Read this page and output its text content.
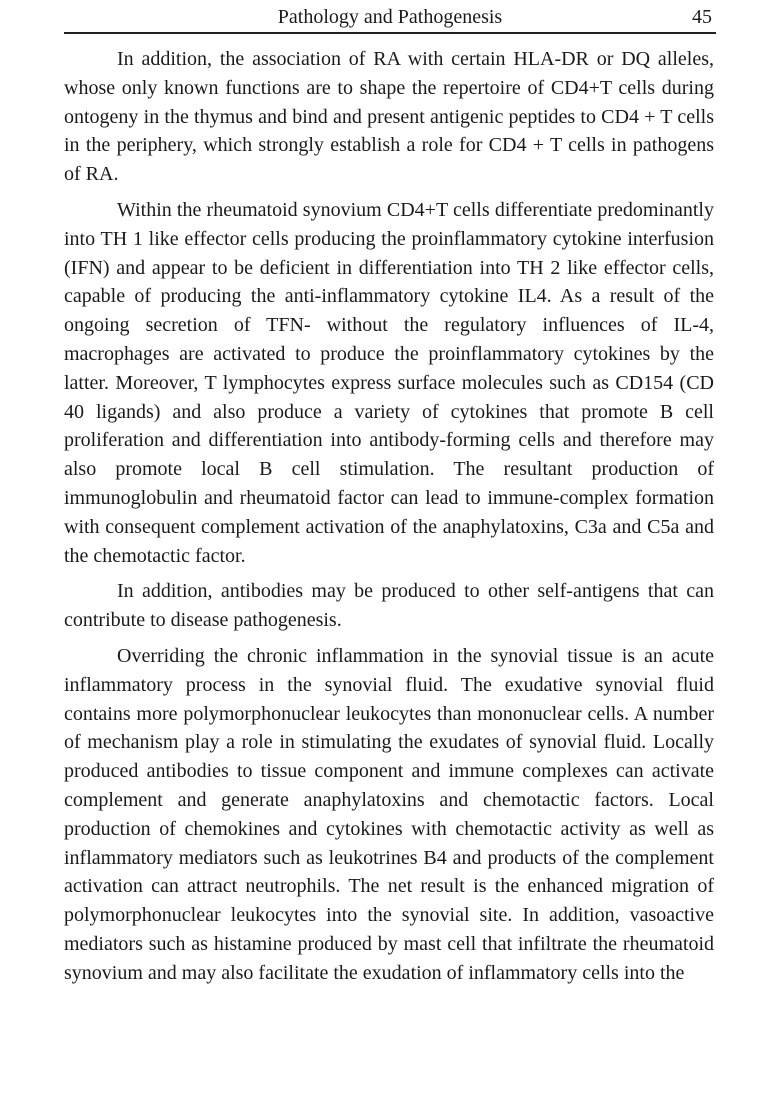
Pathology and Pathogenesis	45

In addition, the association of RA with certain HLA-DR or DQ alleles, whose only known functions are to shape the repertoire of CD4+T cells during ontogeny in the thymus and bind and present antigenic peptides to CD4 + T cells in the periphery, which strongly establish a role for CD4 + T cells in pathogens of RA.

Within the rheumatoid synovium CD4+T cells differentiate predominantly into TH 1 like effector cells producing the proinflammatory cytokine interfusion (IFN) and appear to be deficient in differentiation into TH 2 like effector cells, capable of producing the anti-inflammatory cytokine IL4. As a result of the ongoing secretion of TFN- without the regulatory influences of IL-4, macrophages are activated to produce the proinflammatory cytokines by the latter. Moreover, T lymphocytes express surface molecules such as CD154 (CD 40 ligands) and also produce a variety of cytokines that promote B cell proliferation and differentiation into antibody-forming cells and therefore may also promote local B cell stimulation. The resultant production of immunoglobulin and rheumatoid factor can lead to immune-complex formation with consequent complement activation of the anaphylatoxins, C3a and C5a and the chemotactic factor.

In addition, antibodies may be produced to other self-antigens that can contribute to disease pathogenesis.

Overriding the chronic inflammation in the synovial tissue is an acute inflammatory process in the synovial fluid. The exudative synovial fluid contains more polymorphonuclear leukocytes than mononuclear cells. A number of mechanism play a role in stimulating the exudates of synovial fluid. Locally produced antibodies to tissue component and immune complexes can activate complement and generate anaphylatoxins and chemotactic factors. Local production of chemokines and cytokines with chemotactic activity as well as inflammatory mediators such as leukotrines B4 and products of the complement activation can attract neutrophils. The net result is the enhanced migration of polymorphonuclear leukocytes into the synovial site. In addition, vasoactive mediators such as histamine produced by mast cell that infiltrate the rheumatoid synovium and may also facilitate the exudation of inflammatory cells into the
